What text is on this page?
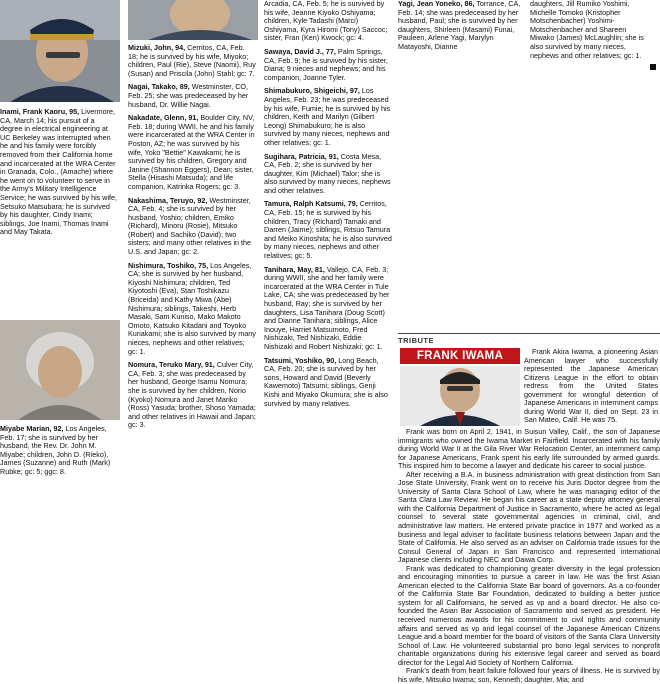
Inami, Frank Kaoru, 95, Livermore, CA, March 14; his pursuit of a degree in electrical engineering at UC Berkeley was interrupted when he and his family were forcibly removed from their California home and incarcerated at the WRA Center in Granada, Colo., (Amache) where he went on to volunteer to serve in the Army's Military Intelligence Service; he was survived by his wife, Setsuko Matsubara; he is survived by his daughter, Cindy Inami; siblings, Joe Inami, Thomas Inami and May Takata.

Miyabe Marian, 92, Los Angeles, Feb. 17; she is survived by her husband, the Rev. Dr. John M. Miyabe; children, John D. (Rieko), James (Suzanne) and Ruth (Mark) Rubke; gc: 5; ggc: 8.

Mizuki, John, 94, Cerritos, CA, Feb. 18; he is survived by his wife, Miyoko; children, Paul (Rie), Steve (Naomi), Ruy (Susan) and Priscila (John) Stahl; gc: 7.

Nagai, Takako, 89, Westminster, CO, Feb. 25; she was predeceased by her husband, Dr. Willie Nagai.

Nakadate, Glenn, 91, Boulder City, NV, Feb. 18; during WWII, he and his family were incarcerated at the WRA Center in Poston, AZ; he was survived by his wife, Yoko "Bettie" Kawakami; he is survived by his children, Gregory and Janine (Shannon Eggers), Dean; sister, Stella (Hisashi Matsuda); and life companion, Katrinka Rogers; gc: 3.

Nakashima, Teruyo, 92, Westminster, CA, Feb. 4; she is survived by her husband, Yoshio; children, Emiko (Richard), Minoru (Rosie), Mitsuko (Robert) and Sachiko (David); two sisters; and many other relatives in the U.S. and Japan; gc: 2.

Nishimura, Toshiko, 75, Los Angeles, CA; she is survived by her husband, Kiyoshi Nishimura; children, Ted Kiyotoshi (Eva), Stan Toshikazu (Briceida) and Kathy Miwa (Abe) Nishimura; siblings, Takeshi, Herb Masaki, Sam Kuniso, Mako Makoto Omoto, Katsuko Kitadani and Toyoko Kuriakami; she is also survived by many nieces, nephews and other relatives; gc: 1.

Nomura, Teruko Mary, 91, Culver City, CA, Feb. 3; she was predeceased by her husband, George Isamu Nomura; she is survived by her children, Norio (Kyoko) Nomura and Janet Mariko (Ross) Yasuda; brother, Shoso Yamada; and other relatives in Hawaii and Japan; gc: 3.

Arcadia, CA, Feb. 5; he is survived by his wife, Jeanne Kiyoko Oshiyama; children, Kyle Tadashi (Marci) Oshiyama, Kyra Hiromi (Tony) Saccoc; sister, Fran (Ken) Kwock; gc: 4.

Sawaya, David J., 77, Palm Springs, CA, Feb. 9; he is survived by his sister, Diana; 9 nieces and nephews; and his companion, Joanne Tyler.

Shimabukuro, Shigeichi, 97, Los Angeles, Feb. 23; he was predeceased by his wife, Fumie; he is survived by his children, Keith and Marilyn (Gilbert Leong) Shimabukuro; he is also survived by many nieces, nephews and other relatives; gc: 1.

Sugihara, Patricia, 91, Costa Mesa, CA, Feb. 2; she is survived by her daughter, Kim (Michael) Talor; she is also survived by many nieces, nephews and other relatives.

Tamura, Ralph Katsumi, 79, Cerritos, CA, Feb. 15; he is survived by his children, Tracy (Richard) Tamaki and Darren (Jaime); siblings, Ritsuo Tamura and Meiko Kinoshita; he is also survived by many nieces, nephews and other relatives; gc: 5.

Tanihara, May, 81, Vallejo, CA, Feb. 3; during WWII, she and her family were incarcerated at the WRA Center in Tule Lake, CA; she was predeceased by her husband, Ray; she is survived by her daughters, Lisa Tanihara (Doug Scott) and Dianne Tanihara; siblings, Alice Inouye, Harriet Matsumoto, Fred Nishizaki, Ted Nishizaki, Eddie Nishizaki and Robert Nishizaki; gc: 1.

Tatsumi, Yoshiko, 90, Long Beach, CA, Feb. 20; she is survived by her sons, Howard and David (Beverly Kawemoto) Tatsumi; siblings, Genji Kishi and Miyako Okumura; she is also survived by many relatives.

Yagi, Jean Yoneko, 86, Torrance, CA, Feb. 14; she was predeceased by her husband, Paul; she is survived by her daughters, Shirleen (Masami) Funai, Pauleen, Arlene Yagi, Marylyn Matayoshi, Dianne

daughters, Jill Rumiko Yoshimi, Michelle Tomoko (Kristopher Motschenbacher) Yoshimi-Motschenbacher and Shareen Miwako (James) McLaughlin; she is also survived by many nieces, nephews and other relatives; gc: 1.

TRIBUTE
FRANK IWAMA	Frank Akira Iwama, a pioneering Asian American lawyer who successfully represented the Japanese American Citizens League in the effort to obtain redress from the United States government for wrongful detention of Japanese Americans in internment camps during World War II, died on Sept. 23 in San Mateo, Calif. He was 75.

Frank was born on April 2, 1941, in Suisun Valley, Calif., the son of Japanese immigrants who owned the Iwama Market in Fairfield. Incarcerated with his family during World War II at the Gila River War Relocation Center, an internment camp for Japanese Americans, Frank spent his early life surrounded by armed guards. This inspired him to become a lawyer and dedicate his career to social justice.

After receiving a B.A. in business administration with great distinction from San Jose State University, Frank went on to receive his Juris Doctor degree from the University of Santa Clara School of Law, where he was managing editor of the Santa Clara Law Review. He began his career as a state deputy attorney general with the California Department of Justice in Sacramento, where he acted as legal counsel to several state governmental agencies in criminal, civil, and administrative law matters. He entered private practice in 1977 and worked as a business and legal adviser to facilitate business relations between Japan and the State of California. He also served as an adviser on California trade issues for the Consul General of Japan in San Francisco and represented international Japanese clients including NEC and Daiwa Corp.

Frank was dedicated to championing greater diversity in the legal profession and encouraging minorities to pursue a career in law. He was the first Asian American elected to the California State Bar board of governors. As a co-founder of the California State Bar Foundation, dedicated to building a better justice system for all Californians, he served as vp and a board director. He also co-founded the Asian Bar Association of Sacramento and served as president. He received numerous awards for his commitment to civil rights and community affairs and served as vp and legal counsel of the Japanese American Citizens League and a board member for the board of visitors of the Santa Clara University School of Law. He volunteered substantial pro bono legal services to nonprofit charitable organizations during his extensive legal career and served as board director for the Legal Aid Society of Northern California.

Frank's death from heart failure followed four years of illness. He is survived by his wife, Mitsuko Iwama; son, Kenneth; daughter, Mia; and
